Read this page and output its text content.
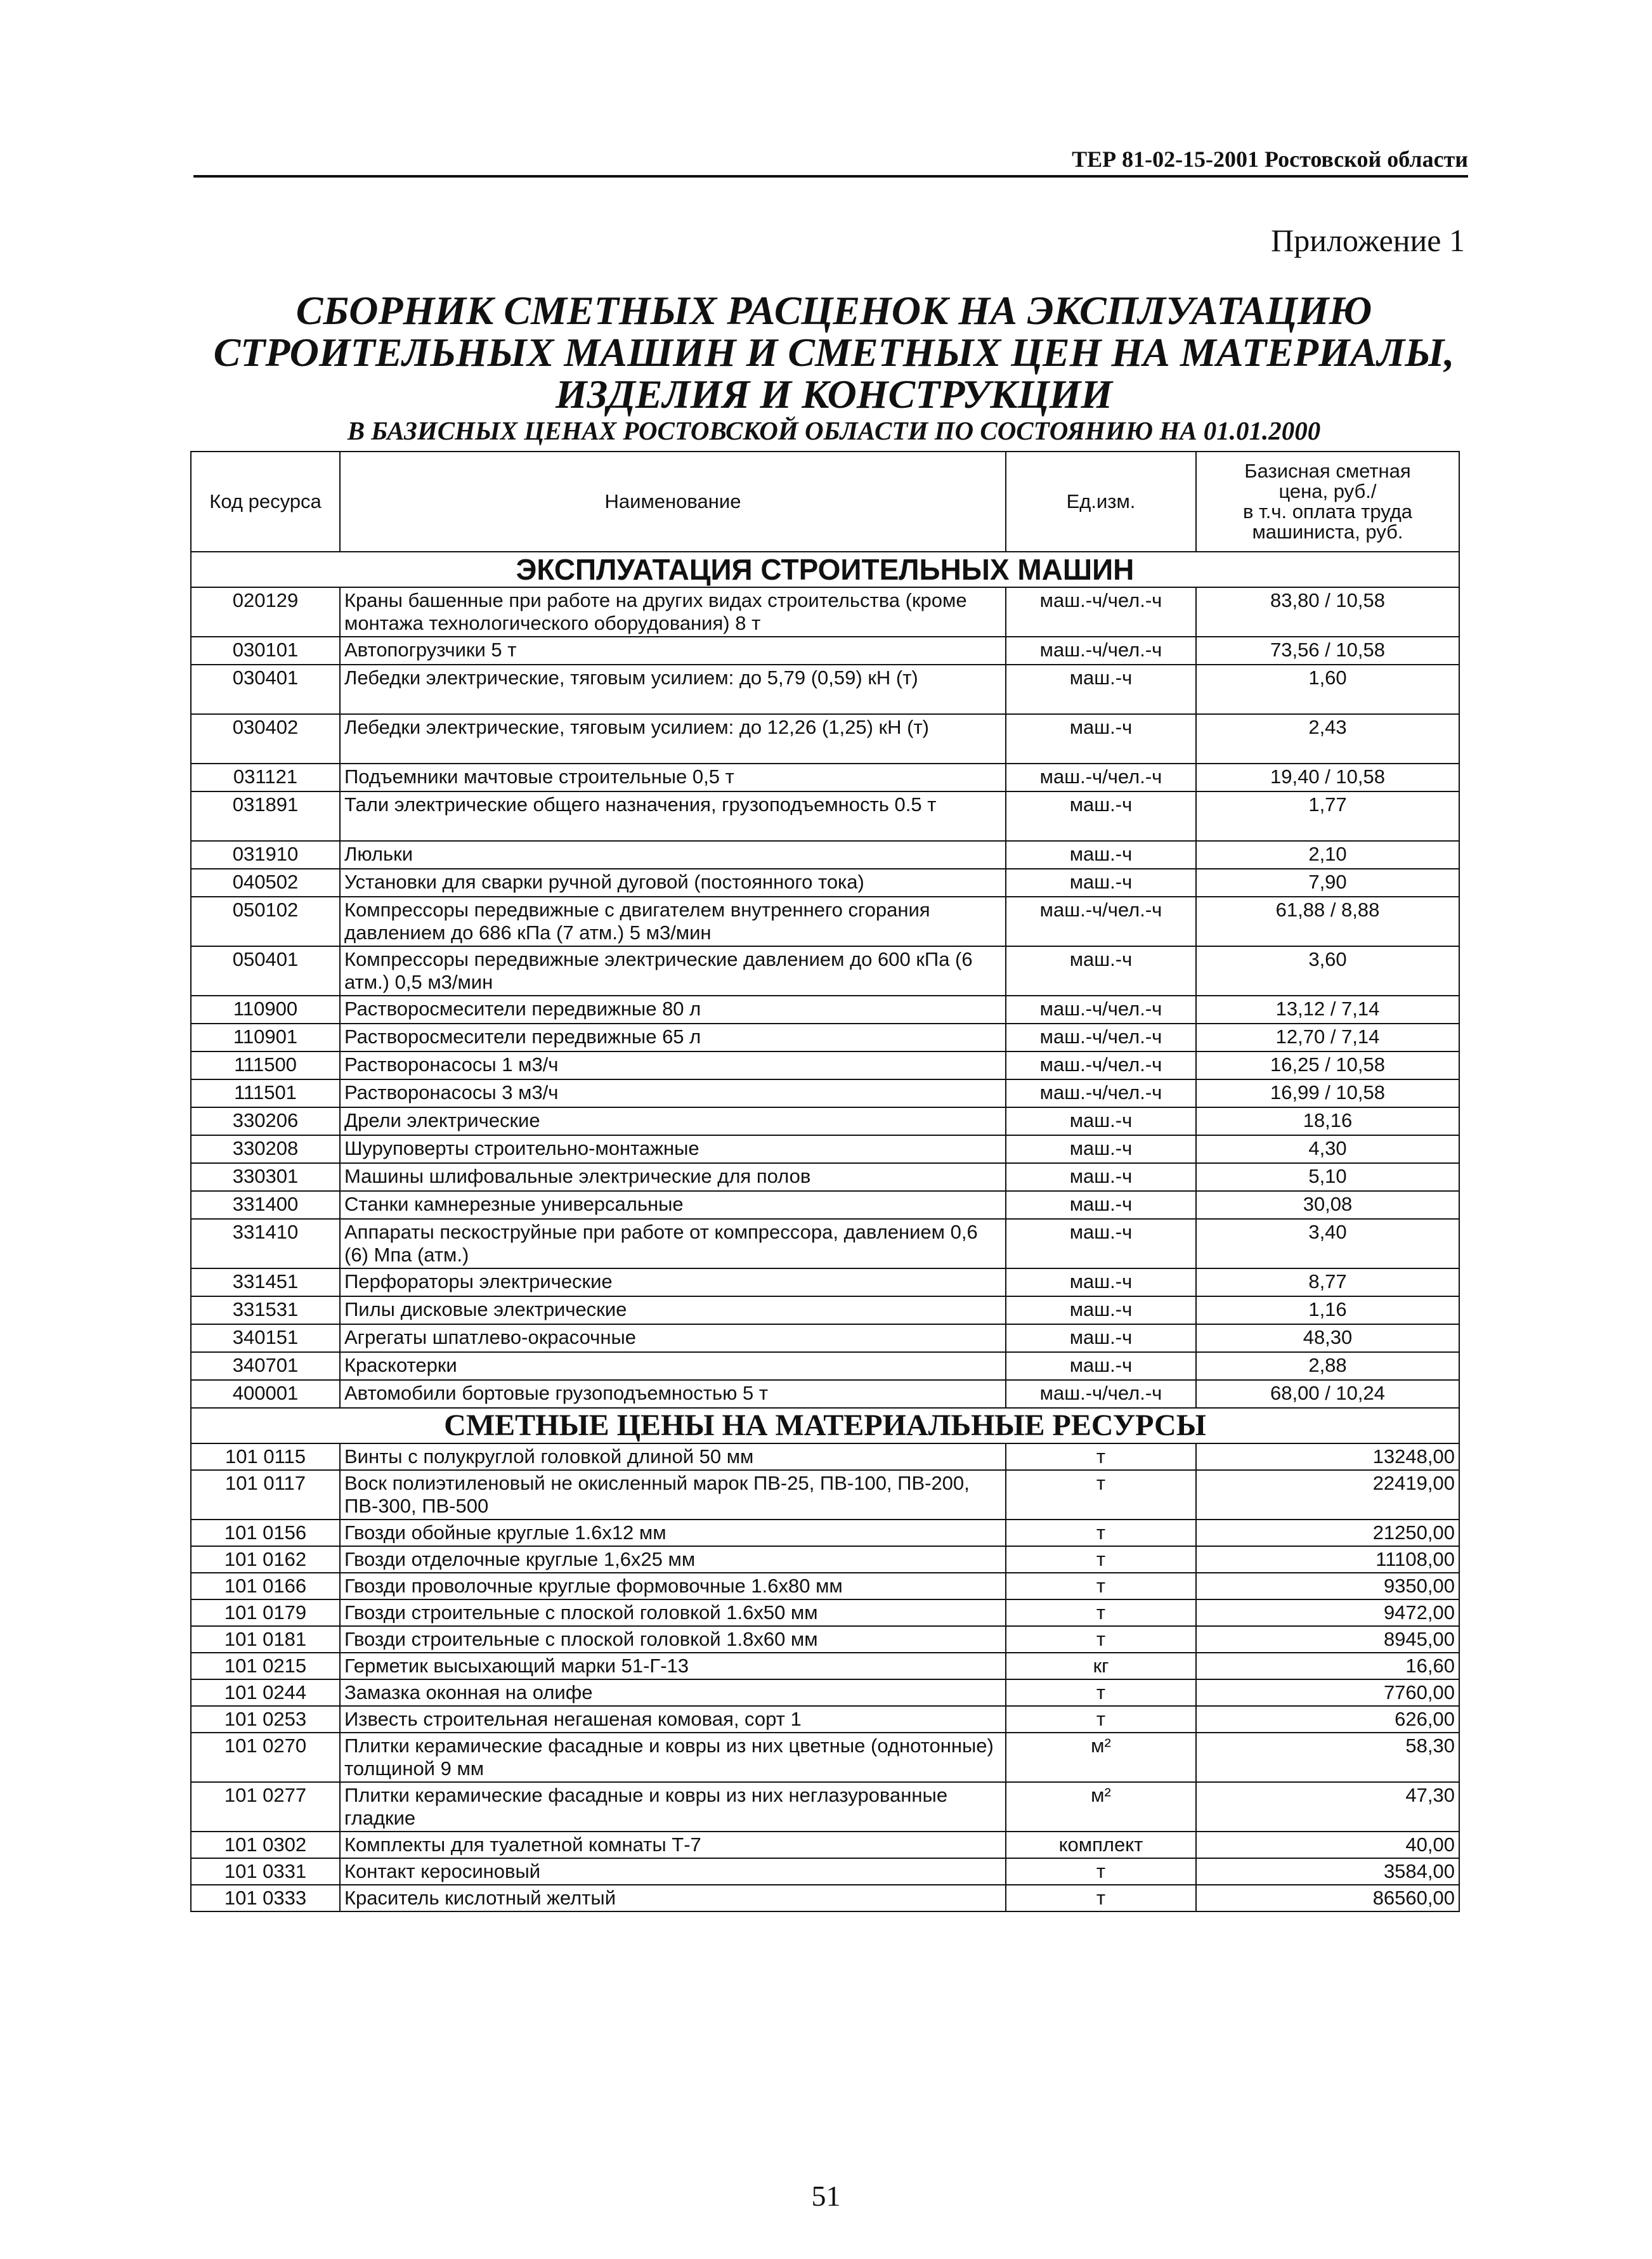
ТЕР 81-02-15-2001 Ростовской области
Приложение 1
СБОРНИК СМЕТНЫХ РАСЦЕНОК НА ЭКСПЛУАТАЦИЮ
СТРОИТЕЛЬНЫХ МАШИН И СМЕТНЫХ ЦЕН НА МАТЕРИАЛЫ,
ИЗДЕЛИЯ И КОНСТРУКЦИИ
В БАЗИСНЫХ ЦЕНАХ РОСТОВСКОЙ ОБЛАСТИ ПО СОСТОЯНИЮ НА 01.01.2000
Код ресурса	Наименование	Ед.изм.	Базисная сметная
цена, руб./
в т.ч. оплата труда
машиниста, руб.

ЭКСПЛУАТАЦИЯ СТРОИТЕЛЬНЫХ МАШИН			
020129	Краны башенные при работе на других видах строительства (кроме монтажа технологического оборудования) 8 т	маш.-ч/чел.-ч	83,80 / 10,58
030101	Автопогрузчики 5 т	маш.-ч/чел.-ч	73,56 / 10,58
030401	Лебедки электрические, тяговым усилием: до 5,79 (0,59) кН (т)	маш.-ч	1,60
030402	Лебедки электрические, тяговым усилием: до 12,26 (1,25) кН (т)	маш.-ч	2,43
031121	Подъемники мачтовые строительные 0,5 т	маш.-ч/чел.-ч	19,40 / 10,58
031891	Тали электрические общего назначения, грузоподъемность 0.5 т	маш.-ч	1,77
031910	Люльки	маш.-ч	2,10
040502	Установки для сварки ручной дуговой (постоянного тока)	маш.-ч	7,90
050102	Компрессоры передвижные с двигателем внутреннего сгорания давлением до 686 кПа (7 атм.) 5 м3/мин	маш.-ч/чел.-ч	61,88 / 8,88
050401	Компрессоры передвижные электрические давлением до 600 кПа (6 атм.) 0,5 м3/мин	маш.-ч	3,60
110900	Растворосмесители передвижные 80 л	маш.-ч/чел.-ч	13,12 / 7,14
110901	Растворосмесители передвижные 65 л	маш.-ч/чел.-ч	12,70 / 7,14
111500	Растворонасосы 1 м3/ч	маш.-ч/чел.-ч	16,25 / 10,58
111501	Растворонасосы 3 м3/ч	маш.-ч/чел.-ч	16,99 / 10,58
330206	Дрели электрические	маш.-ч	18,16
330208	Шуруповерты строительно-монтажные	маш.-ч	4,30
330301	Машины шлифовальные электрические для полов	маш.-ч	5,10
331400	Станки камнерезные универсальные	маш.-ч	30,08
331410	Аппараты пескоструйные при работе от компрессора, давлением 0,6 (6) Мпа (атм.)	маш.-ч	3,40
331451	Перфораторы электрические	маш.-ч	8,77
331531	Пилы дисковые электрические	маш.-ч	1,16
340151	Агрегаты шпатлево-окрасочные	маш.-ч	48,30
340701	Краскотерки	маш.-ч	2,88
400001	Автомобили бортовые грузоподъемностью 5 т	маш.-ч/чел.-ч	68,00 / 10,24
СМЕТНЫЕ ЦЕНЫ НА МАТЕРИАЛЬНЫЕ РЕСУРСЫ			
101 0115	Винты с полукруглой головкой длиной 50 мм	т	13248,00
101 0117	Воск полиэтиленовый не окисленный марок ПВ-25, ПВ-100, ПВ-200, ПВ-300, ПВ-500	т	22419,00
101 0156	Гвозди обойные круглые 1.6x12 мм	т	21250,00
101 0162	Гвозди отделочные круглые 1,6x25 мм	т	11108,00
101 0166	Гвозди проволочные круглые формовочные 1.6x80 мм	т	9350,00
101 0179	Гвозди строительные с плоской головкой 1.6x50 мм	т	9472,00
101 0181	Гвозди строительные с плоской головкой 1.8x60 мм	т	8945,00
101 0215	Герметик высыхающий марки 51-Г-13	кг	16,60
101 0244	Замазка оконная на олифе	т	7760,00
101 0253	Известь строительная негашеная комовая, сорт 1	т	626,00
101 0270	Плитки керамические фасадные и ковры из них цветные (однотонные) толщиной 9 мм	м²	58,30
101 0277	Плитки керамические фасадные и ковры из них неглазурованные гладкие	м²	47,30
101 0302	Комплекты для туалетной комнаты Т-7	комплект	40,00
101 0331	Контакт керосиновый	т	3584,00
101 0333	Краситель кислотный желтый	т	86560,00
51
